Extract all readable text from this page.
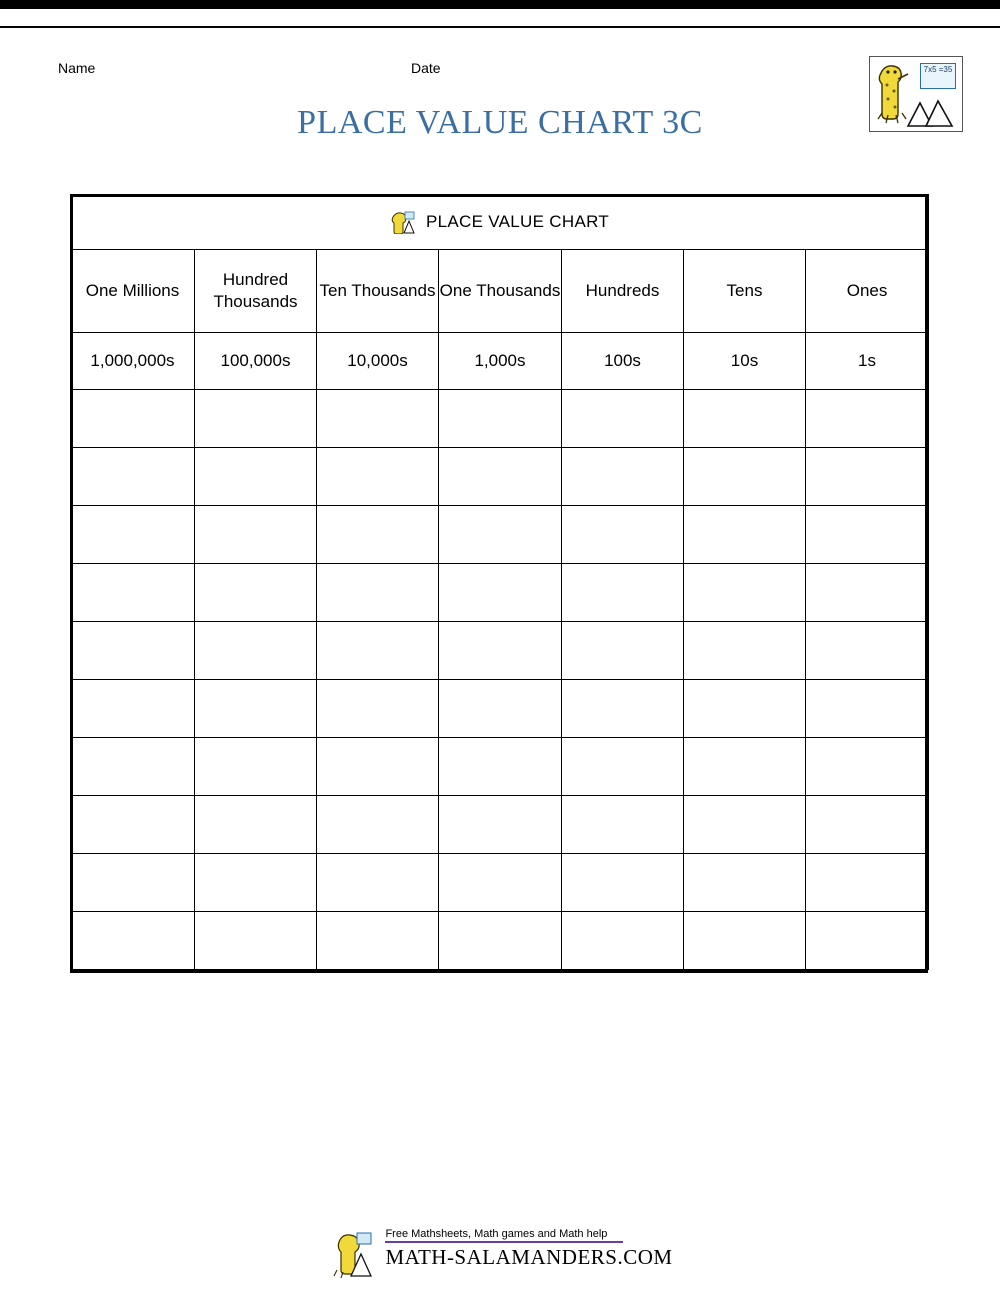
Name	Date
PLACE VALUE CHART 3C
7x5 =35
PLACE VALUE CHART						

One Millions	Hundred Thousands	Ten Thousands	One Thousands	Hundreds	Tens	Ones
1,000,000s	100,000s	10,000s	1,000s	100s	10s	1s

Free Mathsheets, Math games and Math help
MATH-SALAMANDERS.COM
